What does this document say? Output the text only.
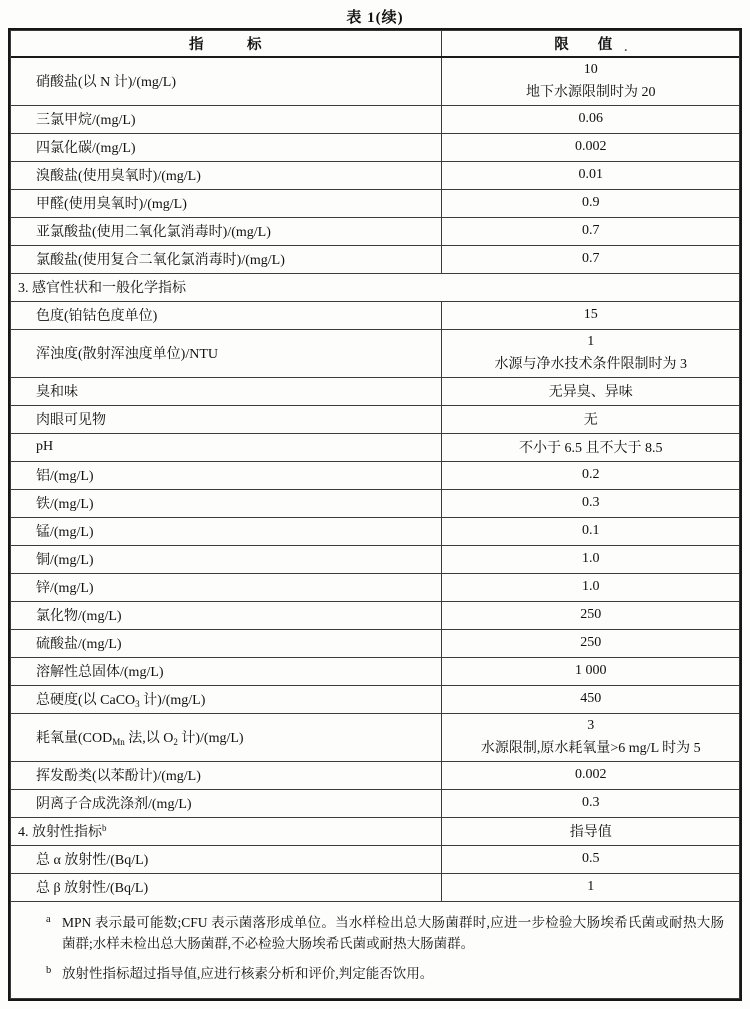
表 1(续)
指　　　标	限　　值 .
硝酸盐(以 N 计)/(mg/L)	10
地下水源限制时为 20

三氯甲烷/(mg/L)	0.06
四氯化碳/(mg/L)	0.002
溴酸盐(使用臭氧时)/(mg/L)	0.01
甲醛(使用臭氧时)/(mg/L)	0.9
亚氯酸盐(使用二氧化氯消毒时)/(mg/L)	0.7
氯酸盐(使用复合二氧化氯消毒时)/(mg/L)	0.7
3. 感官性状和一般化学指标	
色度(铂钴色度单位)	15
浑浊度(散射浑浊度单位)/NTU	1
水源与净水技术条件限制时为 3

臭和味	无异臭、异味
肉眼可见物	无
pH	不小于 6.5 且不大于 8.5
铝/(mg/L)	0.2
铁/(mg/L)	0.3
锰/(mg/L)	0.1
铜/(mg/L)	1.0
锌/(mg/L)	1.0
氯化物/(mg/L)	250
硫酸盐/(mg/L)	250
溶解性总固体/(mg/L)	1 000
总硬度(以 CaCO$_3$ 计)/(mg/L)	450
耗氧量($COD_{Mn}$ 法,以 $O_2$ 计)/(mg/L)	3
水源限制,原水耗氧量>6 mg/L 时为 5

挥发酚类(以苯酚计)/(mg/L)	0.002
阴离子合成洗涤剂/(mg/L)	0.3
4. 放射性指标$^b$	指导值
总 α 放射性/(Bq/L)	0.5
总 β 放射性/(Bq/L)	1

a MPN 表示最可能数;CFU 表示菌落形成单位。当水样检出总大肠菌群时,应进一步检验大肠埃希氏菌或耐热大肠菌群;水样未检出总大肠菌群,不必检验大肠埃希氏菌或耐热大肠菌群。
b 放射性指标超过指导值,应进行核素分析和评价,判定能否饮用。	
